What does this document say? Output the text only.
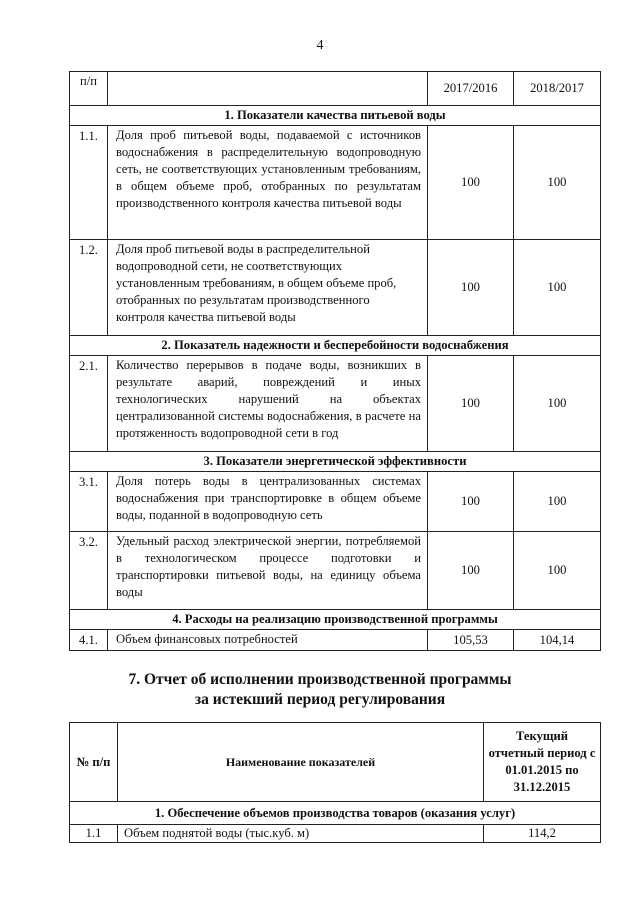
4
п/п		2017/2016	2018/2017
1. Показатели качества питьевой воды			
1.1.	Доля проб питьевой воды, подаваемой с источников водоснабжения в распределительную водопроводную сеть, не соответствующих установленным требованиям, в общем объеме проб, отобранных по результатам производственного контроля качества питьевой воды	100	100
1.2.	Доля проб питьевой воды в распределительной водопроводной сети, не соответствующих установленным требованиям, в общем объеме проб, отобранных по результатам производственного контроля качества питьевой воды	100	100
2. Показатель надежности и бесперебойности водоснабжения			
2.1.	Количество перерывов в подаче воды, возникших в результате аварий, повреждений и иных технологических нарушений на объектах централизованной системы водоснабжения, в расчете на протяженность водопроводной сети в год	100	100
3. Показатели энергетической эффективности			
3.1.	Доля потерь воды в централизованных системах водоснабжения при транспортировке в общем объеме воды, поданной в водопроводную сеть	100	100
3.2.	Удельный расход электрической энергии, потребляемой в технологическом процессе подготовки и транспортировки питьевой воды, на единицу объема воды	100	100
4. Расходы на реализацию производственной программы			
4.1.	Объем финансовых потребностей	105,53	104,14
7. Отчет об исполнении производственной программы
за истекший период регулирования
№ п/п	Наименование показателей	Текущий отчетный период с 01.01.2015 по 31.12.2015
1. Обеспечение объемов производства товаров (оказания услуг)		
1.1	Объем поднятой воды (тыс.куб. м)	114,2
